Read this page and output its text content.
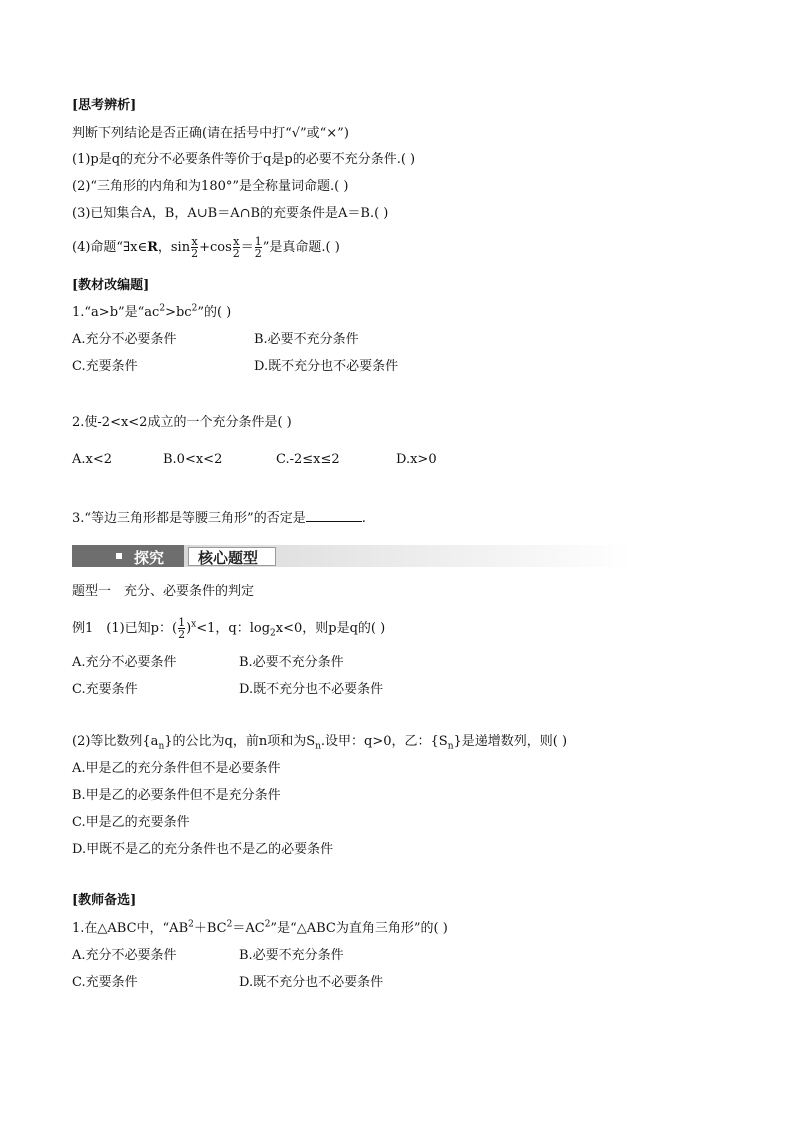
[思考辨析]
判断下列结论是否正确(请在括号中打“√”或“×”)
(1)p是q的充分不必要条件等价于q是p的必要不充分条件.( )
(2)“三角形的内角和为180°”是全称量词命题.( )
(3)已知集合A，B，A∪B＝A∩B的充要条件是A＝B.( )
(4)命题“∃x∈R，$\sin \frac{x}{2} +\cos \frac{x}{2} = \frac{1}{2}$ ”是真命题.( )
[教材改编题]
1.“a>b”是“$ac^2>bc^2$”的( )
A.充分不必要条件	B.必要不充分条件
C.充要条件	D.既不充分也不必要条件
2.使-2<x<2成立的一个充分条件是( )
A.x<2	B.0<x<2	C.-2≤x≤2	D.x>0
3.“等边三角形都是等腰三角形”的否定是	.
探究 核心题型
题型一　充分、必要条件的判定
例1　(1)已知p：( $\frac{1}{2} )^x<1$，q：$\log_2x<0$，则p是q的( )
A.充分不必要条件	B.必要不充分条件
C.充要条件	D.既不充分也不必要条件
(2)等比数列$\{a_n\}$的公比为q，前n项和为$S_n$.设甲：q>0，乙：$\{S_n\}$是递增数列，则( )
A.甲是乙的充分条件但不是必要条件
B.甲是乙的必要条件但不是充分条件
C.甲是乙的充要条件
D.甲既不是乙的充分条件也不是乙的必要条件
[教师备选]
1.在△ABC中，“$AB^2+BC^2=AC^2$”是“△ABC为直角三角形”的( )
A.充分不必要条件	B.必要不充分条件
C.充要条件	D.既不充分也不必要条件
